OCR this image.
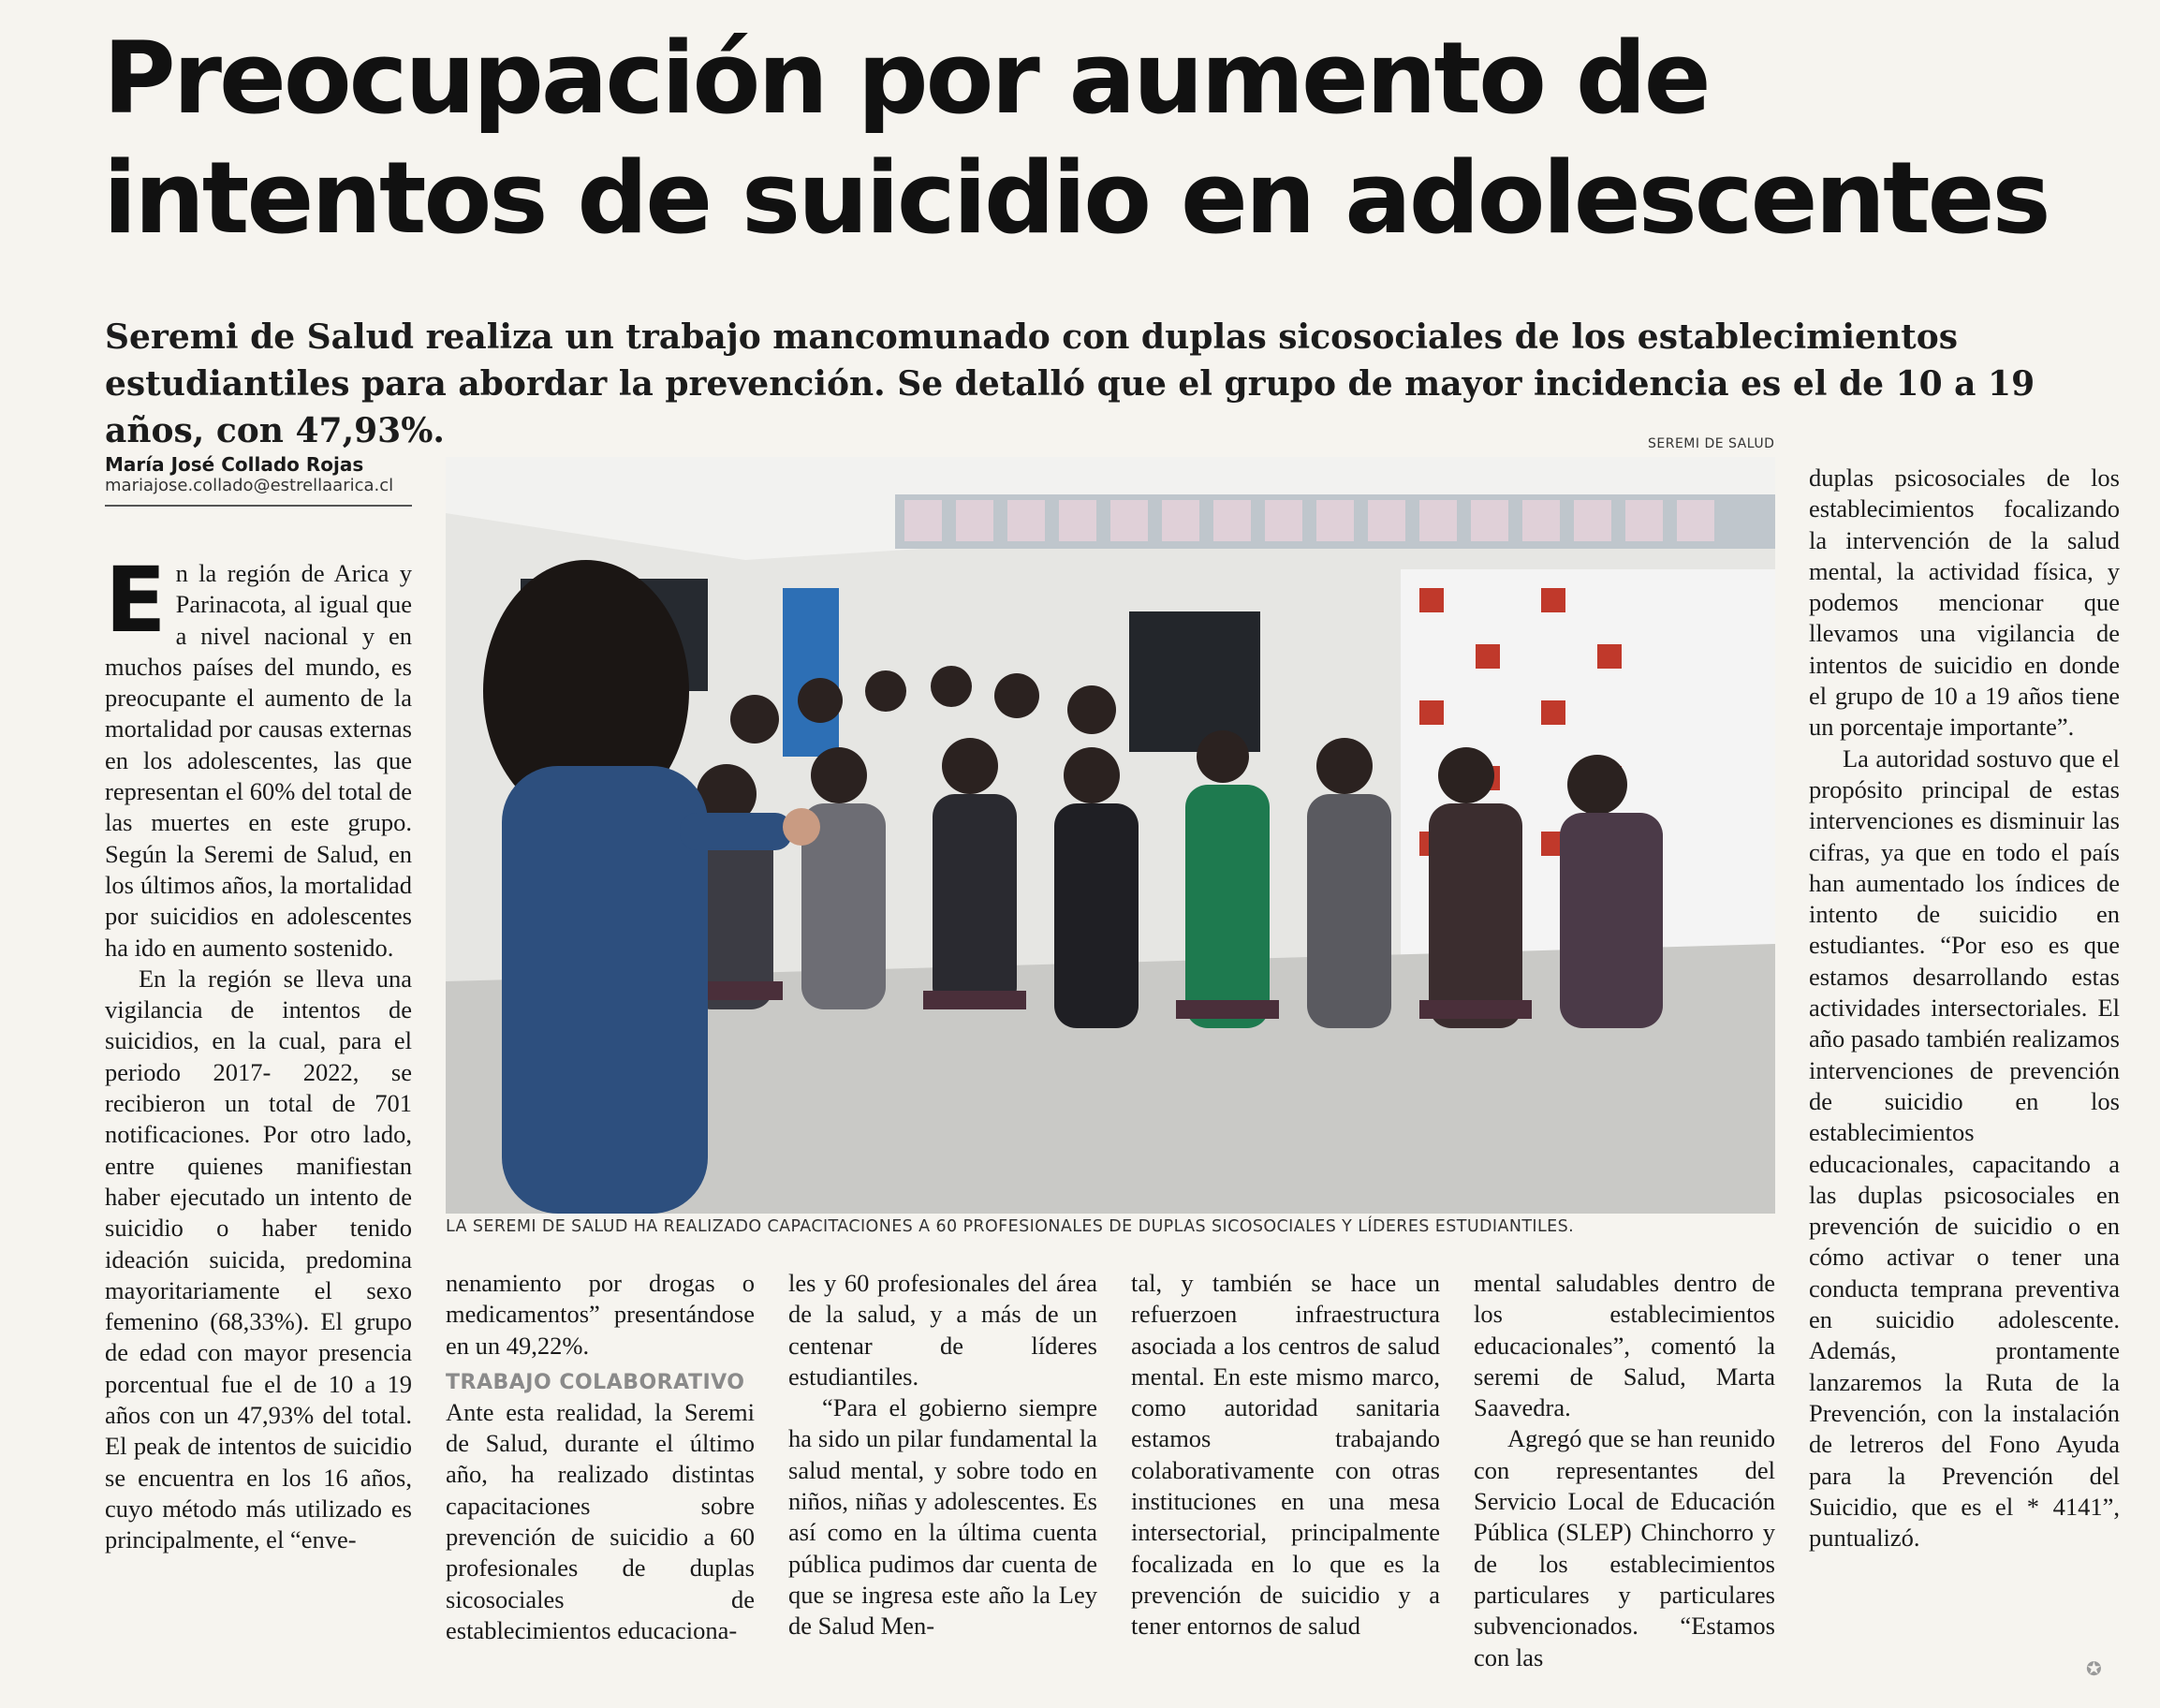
Preocupación por aumento de
intentos de suicidio en adolescentes
Seremi de Salud realiza un trabajo mancomunado con duplas sicosociales de los establecimientos estudiantiles para abordar la prevención. Se detalló que el grupo de mayor incidencia es el de 10 a 19 años, con 47,93%.
María José Collado Rojas
mariajose.collado@estrellaarica.cl

En la región de Arica y Parinacota, al igual que a nivel nacional y en muchos países del mundo, es preocupante el aumento de la mortalidad por causas externas en los adolescentes, las que representan el 60% del total de las muertes en este grupo. Según la Seremi de Salud, en los últimos años, la mortalidad por suicidios en adolescentes ha ido en aumento sostenido.

En la región se lleva una vigilancia de intentos de suicidios, en la cual, para el periodo 2017- 2022, se recibieron un total de 701 notificaciones. Por otro lado, entre quienes manifiestan haber ejecutado un intento de suicidio o haber tenido ideación suicida, predomina mayoritariamente el sexo femenino (68,33%). El grupo de edad con mayor presencia porcentual fue el de 10 a 19 años con un 47,93% del total. El peak de intentos de suicidio se encuentra en los 16 años, cuyo método más utilizado es principalmente, el “enve-

SEREMI DE SALUD
LA SEREMI DE SALUD HA REALIZADO CAPACITACIONES A 60 PROFESIONALES DE DUPLAS SICOSOCIALES Y LÍDERES ESTUDIANTILES.

nenamiento por drogas o medicamentos” presentándose en un 49,22%.

TRABAJO COLABORATIVO

Ante esta realidad, la Seremi de Salud, durante el último año, ha realizado distintas capacitaciones sobre prevención de suicidio a 60 profesionales de duplas sicosociales de establecimientos educaciona-

les y 60 profesionales del área de la salud, y a más de un centenar de líderes estudiantiles.

“Para el gobierno siempre ha sido un pilar fundamental la salud mental, y sobre todo en niños, niñas y adolescentes. Es así como en la última cuenta pública pudimos dar cuenta de que se ingresa este año la Ley de Salud Men-

tal, y también se hace un refuerzoen infraestructura asociada a los centros de salud mental. En este mismo marco, como autoridad sanitaria estamos trabajando colaborativamente con otras instituciones en una mesa intersectorial, principalmente focalizada en lo que es la prevención de suicidio y a tener entornos de salud

mental saludables dentro de los establecimientos educacionales”, comentó la seremi de Salud, Marta Saavedra.

Agregó que se han reunido con representantes del Servicio Local de Educación Pública (SLEP) Chinchorro y de los establecimientos particulares y particulares subvencionados. “Estamos con las

duplas psicosociales de los establecimientos focalizando la intervención de la salud mental, la actividad física, y podemos mencionar que llevamos una vigilancia de intentos de suicidio en donde el grupo de 10 a 19 años tiene un porcentaje importante”.

La autoridad sostuvo que el propósito principal de estas intervenciones es disminuir las cifras, ya que en todo el país han aumentado los índices de intento de suicidio en estudiantes. “Por eso es que estamos desarrollando estas actividades intersectoriales. El año pasado también realizamos intervenciones de prevención de suicidio en los establecimientos educacionales, capacitando a las duplas psicosociales en prevención de suicidio o en cómo activar o tener una conducta temprana preventiva en suicidio adolescente. Además, prontamente lanzaremos la Ruta de la Prevención, con la instalación de letreros del Fono Ayuda para la Prevención del Suicidio, que es el * 4141”, puntualizó.

✪
